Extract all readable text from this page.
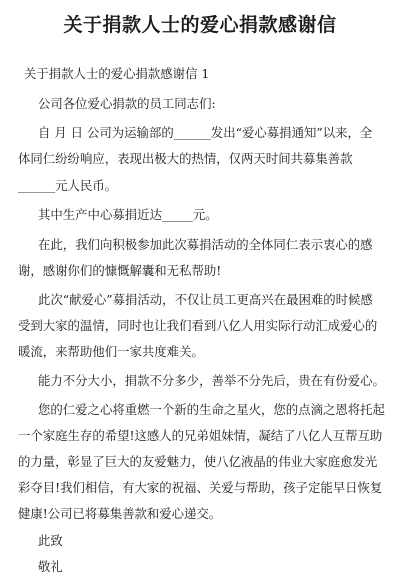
关于捐款人士的爱心捐款感谢信
关于捐款人士的爱心捐款感谢信 1
公司各位爱心捐款的员工同志们:
自 月 日 公司为运输部的______发出“爱心募捐通知”以来，全
体同仁纷纷响应，表现出极大的热情，仅两天时间共募集善款
______元人民币。
其中生产中心募捐近达_____元。
在此，我们向积极参加此次募捐活动的全体同仁表示衷心的感
谢，感谢你们的慷慨解囊和无私帮助!
此次“献爱心”募捐活动，不仅让员工更高兴在最困难的时候感
受到大家的温情，同时也让我们看到八亿人用实际行动汇成爱心的
暖流，来帮助他们一家共度难关。
能力不分大小，捐款不分多少，善举不分先后，贵在有份爱心。
您的仁爱之心将重燃一个新的生命之星火，您的点滴之恩将托起
一个家庭生存的希望!这感人的兄弟姐妹情，凝结了八亿人互帮互助
的力量，彰显了巨大的友爱魅力，使八亿液晶的伟业大家庭愈发光
彩夺目!我们相信，有大家的祝福、关爱与帮助，孩子定能早日恢复
健康!公司已将募集善款和爱心递交。
此致
敬礼
